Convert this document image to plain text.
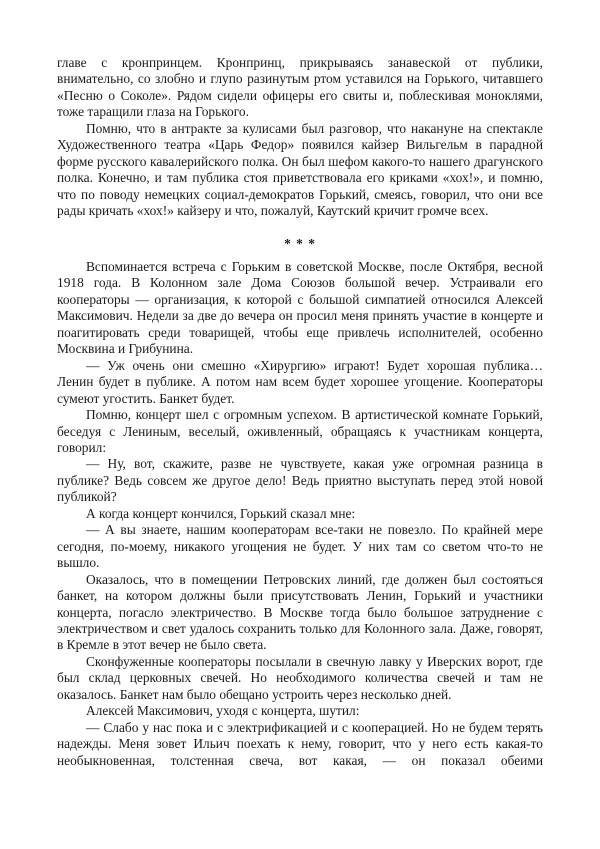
главе с кронпринцем. Кронпринц, прикрываясь занавеской от публики, внимательно, со злобно и глупо разинутым ртом уставился на Горького, читавшего «Песню о Соколе». Рядом сидели офицеры его свиты и, поблескивая моноклями, тоже таращили глаза на Горького.

Помню, что в антракте за кулисами был разговор, что накануне на спектакле Художественного театра «Царь Федор» появился кайзер Вильгельм в парадной форме русского кавалерийского полка. Он был шефом какого-то нашего драгунского полка. Конечно, и там публика стоя приветствовала его криками «хох!», и помню, что по поводу немецких социал-демократов Горький, смеясь, говорил, что они все рады кричать «хох!» кайзеру и что, пожалуй, Каутский кричит громче всех.

* * *

Вспоминается встреча с Горьким в советской Москве, после Октября, весной 1918 года. В Колонном зале Дома Союзов большой вечер. Устраивали его кооператоры — организация, к которой с большой симпатией относился Алексей Максимович. Недели за две до вечера он просил меня принять участие в концерте и поагитировать среди товарищей, чтобы еще привлечь исполнителей, особенно Москвина и Грибунина.

— Уж очень они смешно «Хирургию» играют! Будет хорошая публика… Ленин будет в публике. А потом нам всем будет хорошее угощение. Кооператоры сумеют угостить. Банкет будет.

Помню, концерт шел с огромным успехом. В артистической комнате Горький, беседуя с Лениным, веселый, оживленный, обращаясь к участникам концерта, говорил:

— Ну, вот, скажите, разве не чувствуете, какая уже огромная разница в публике? Ведь совсем же другое дело! Ведь приятно выступать перед этой новой публикой?

А когда концерт кончился, Горький сказал мне:

— А вы знаете, нашим кооператорам все-таки не повезло. По крайней мере сегодня, по-моему, никакого угощения не будет. У них там со светом что-то не вышло.

Оказалось, что в помещении Петровских линий, где должен был состояться банкет, на котором должны были присутствовать Ленин, Горький и участники концерта, погасло электричество. В Москве тогда было большое затруднение с электричеством и свет удалось сохранить только для Колонного зала. Даже, говорят, в Кремле в этот вечер не было света.

Сконфуженные кооператоры посылали в свечную лавку у Иверских ворот, где был склад церковных свечей. Но необходимого количества свечей и там не оказалось. Банкет нам было обещано устроить через несколько дней.

Алексей Максимович, уходя с концерта, шутил:

— Слабо у нас пока и с электрификацией и с кооперацией. Но не будем терять надежды. Меня зовет Ильич поехать к нему, говорит, что у него есть какая-то необыкновенная, толстенная свеча, вот какая, — он показал обеими
